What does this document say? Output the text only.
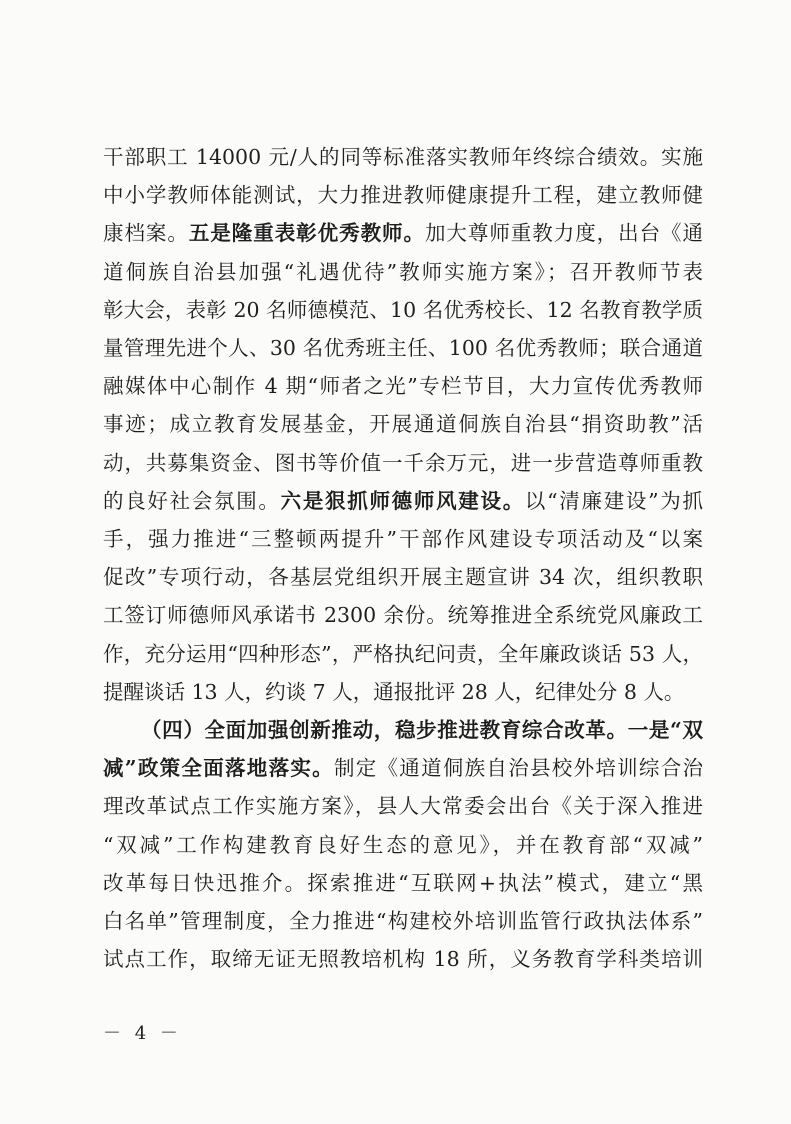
干部职工 14000 元/人的同等标准落实教师年终综合绩效。实施
中小学教师体能测试，大力推进教师健康提升工程，建立教师健
康档案。五是隆重表彰优秀教师。加大尊师重教力度，出台《通
道侗族自治县加强“礼遇优待”教师实施方案》；召开教师节表
彰大会，表彰 20 名师德模范、10 名优秀校长、12 名教育教学质
量管理先进个人、30 名优秀班主任、100 名优秀教师；联合通道
融媒体中心制作 4 期“师者之光”专栏节目，大力宣传优秀教师
事迹；成立教育发展基金，开展通道侗族自治县“捐资助教”活
动，共募集资金、图书等价值一千余万元，进一步营造尊师重教
的良好社会氛围。六是狠抓师德师风建设。以“清廉建设”为抓
手，强力推进“三整顿两提升”干部作风建设专项活动及“以案
促改”专项行动，各基层党组织开展主题宣讲 34 次，组织教职
工签订师德师风承诺书 2300 余份。统筹推进全系统党风廉政工
作，充分运用“四种形态”，严格执纪问责，全年廉政谈话 53 人，
提醒谈话 13 人，约谈 7 人，通报批评 28 人，纪律处分 8 人。
（四）全面加强创新推动，稳步推进教育综合改革。一是“双
减”政策全面落地落实。制定《通道侗族自治县校外培训综合治
理改革试点工作实施方案》，县人大常委会出台《关于深入推进
“双减”工作构建教育良好生态的意见》，并在教育部“双减”
改革每日快迅推介。探索推进“互联网+执法”模式，建立“黑
白名单”管理制度，全力推进“构建校外培训监管行政执法体系”
试点工作，取缔无证无照教培机构 18 所，义务教育学科类培训
－ 4 －
